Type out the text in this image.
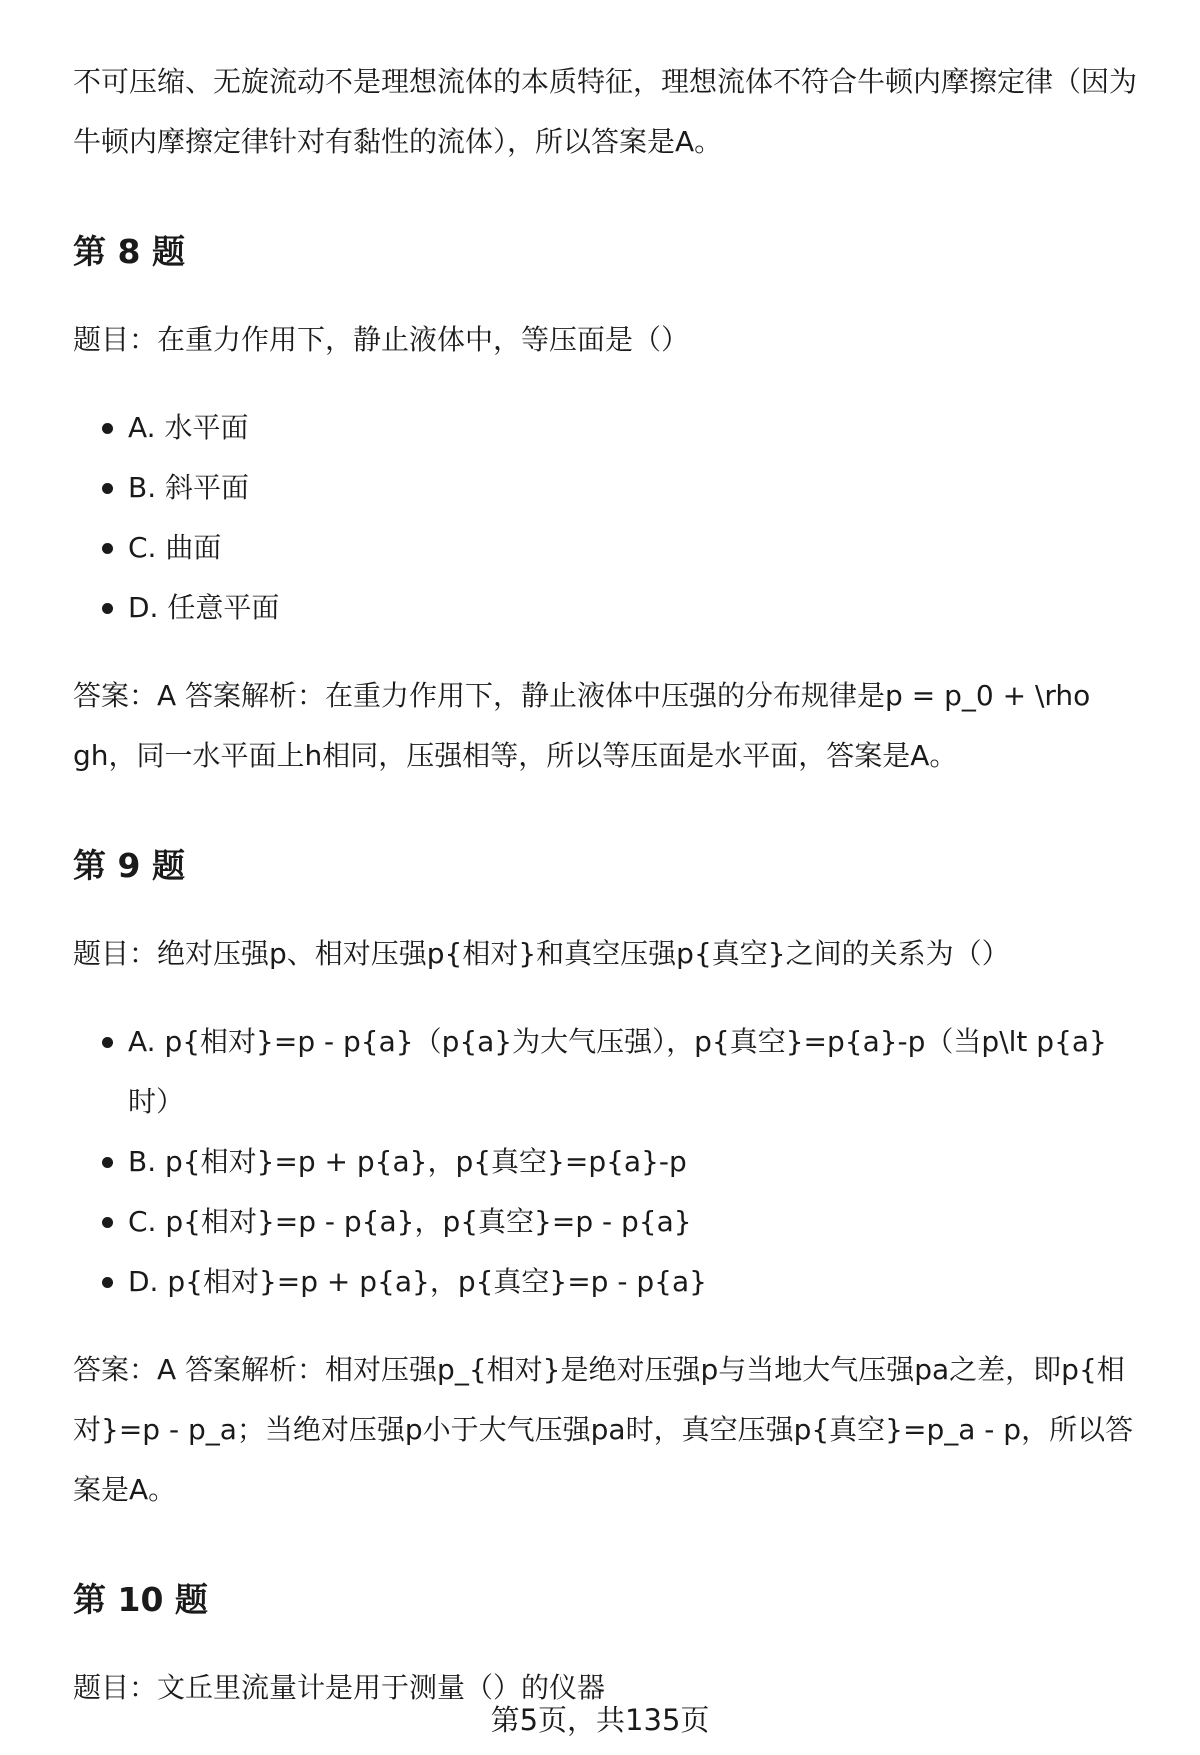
不可压缩、无旋流动不是理想流体的本质特征，理想流体不符合牛顿内摩擦定律（因为牛顿内摩擦定律针对有黏性的流体），所以答案是A。

第 8 题

题目：在重力作用下，静止液体中，等压面是（）

A. 水平面
B. 斜平面
C. 曲面
D. 任意平面

答案：A 答案解析：在重力作用下，静止液体中压强的分布规律是p = p_0 + \rho gh，同一水平面上h相同，压强相等，所以等压面是水平面，答案是A。

第 9 题

题目：绝对压强p、相对压强p{相对}和真空压强p{真空}之间的关系为（）

A. p{相对}=p - p{a}（p{a}为大气压强），p{真空}=p{a}-p（当p\lt p{a}时）
B. p{相对}=p + p{a}，p{真空}=p{a}-p
C. p{相对}=p - p{a}，p{真空}=p - p{a}
D. p{相对}=p + p{a}，p{真空}=p - p{a}

答案：A 答案解析：相对压强p_{相对}是绝对压强p与当地大气压强pa之差，即p{相对}=p - p_a；当绝对压强p小于大气压强pa时，真空压强p{真空}=p_a - p，所以答案是A。

第 10 题

题目：文丘里流量计是用于测量（）的仪器

第5页，共135页
